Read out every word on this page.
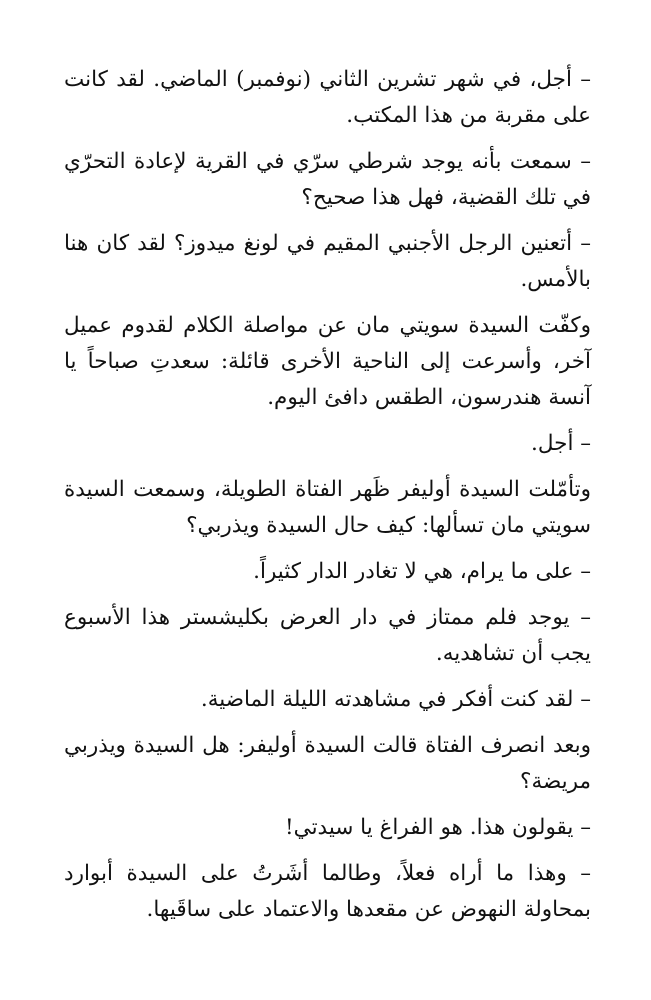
– أجل، في شهر تشرين الثاني (نوفمبر) الماضي. لقد كانت على مقربة من هذا المكتب.

– سمعت بأنه يوجد شرطي سرّي في القرية لإعادة التحرّي في تلك القضية، فهل هذا صحيح؟

– أتعنين الرجل الأجنبي المقيم في لونغ ميدوز؟ لقد كان هنا بالأمس.

وكفّت السيدة سويتي مان عن مواصلة الكلام لقدوم عميل آخر، وأسرعت إلى الناحية الأخرى قائلة: سعدتِ صباحاً يا آنسة هندرسون، الطقس دافئ اليوم.

– أجل.

وتأمّلت السيدة أوليفر ظَهر الفتاة الطويلة، وسمعت السيدة سويتي مان تسألها: كيف حال السيدة ويذربي؟

– على ما يرام، هي لا تغادر الدار كثيراً.

– يوجد فلم ممتاز في دار العرض بكليشستر هذا الأسبوع يجب أن تشاهديه.

– لقد كنت أفكر في مشاهدته الليلة الماضية.

وبعد انصرف الفتاة قالت السيدة أوليفر: هل السيدة ويذربي مريضة؟

– يقولون هذا. هو الفراغ يا سيدتي!

– وهذا ما أراه فعلاً، وطالما أشَرتُ على السيدة أبوارد بمحاولة النهوض عن مقعدها والاعتماد على ساقَيها.
